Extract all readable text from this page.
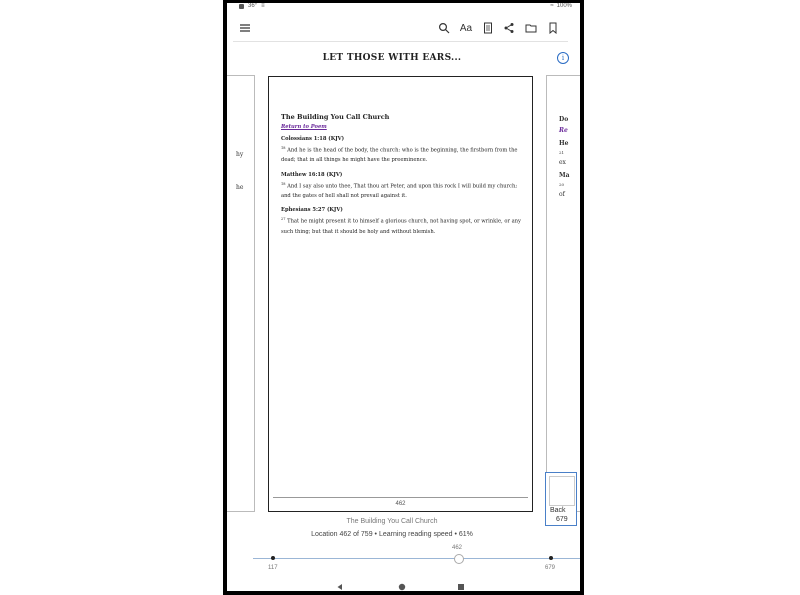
36° ≡	≈ 100%
Aa
LET THOSE WITH EARS...	i
hy
he
Do
Re
He
21
ex
Ma
20
of
The Building You Call Church
Return to Poem
Colossians 1:18 (KJV)
$^{18}$ And he is the head of the body, the church: who is the beginning, the firstborn from the dead; that in all things he might have the preeminence.
Matthew 16:18 (KJV)
$^{18}$ And I say also unto thee, That thou art Peter, and upon this rock I will build my church; and the gates of hell shall not prevail against it.
Ephesians 5:27 (KJV)
$^{27}$ That he might present it to himself a glorious church, not having spot, or wrinkle, or any such thing; but that it should be holy and without blemish.
462
Back
679
The Building You Call Church
Location 462 of 759 • Learning reading speed • 61%
462
117	679
